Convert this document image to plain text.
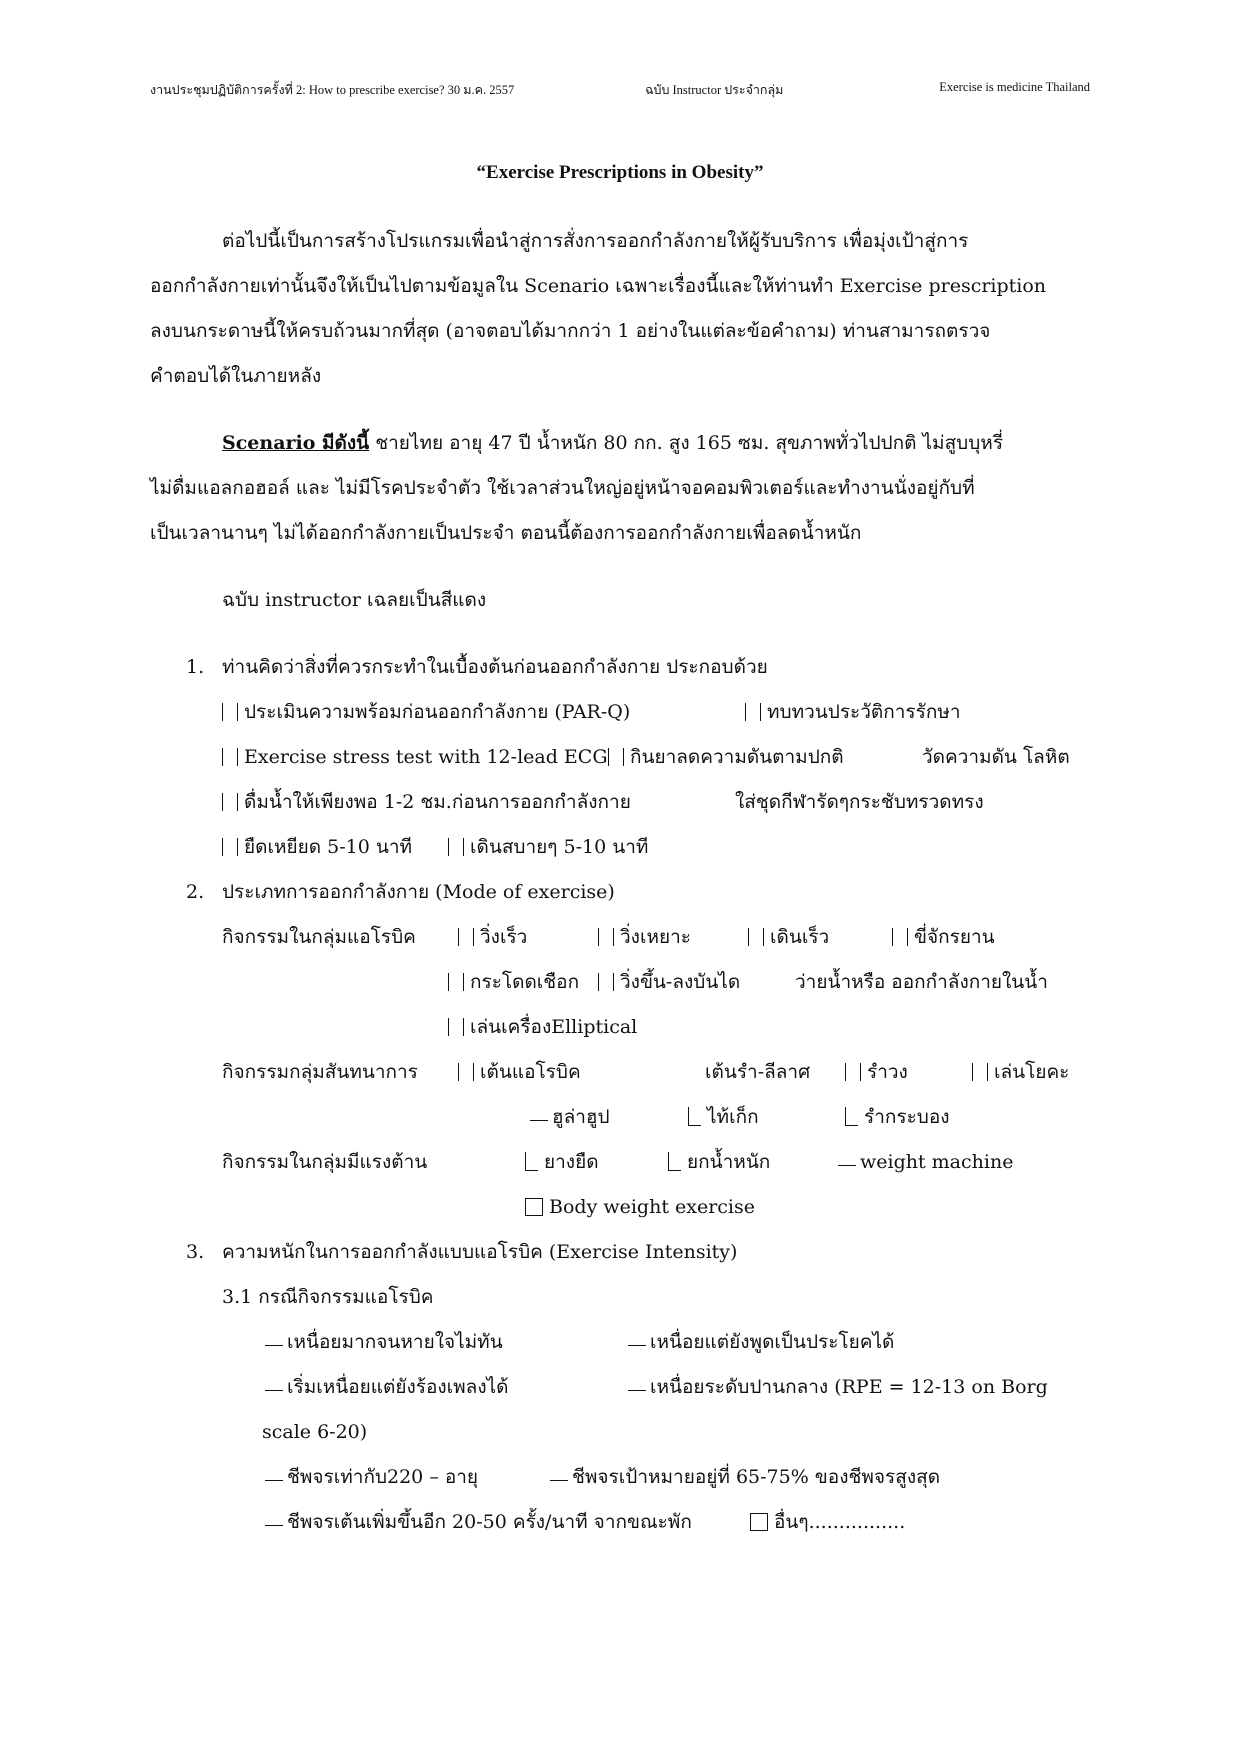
งานประชุมปฏิบัติการครั้งที่ 2: How to prescribe exercise? 30 ม.ค. 2557	ฉบับ Instructor ประจำกลุ่ม	Exercise is medicine Thailand
“Exercise Prescriptions in Obesity”
ต่อไปนี้เป็นการสร้างโปรแกรมเพื่อนำสู่การสั่งการออกกำลังกายให้ผู้รับบริการ เพื่อมุ่งเป้าสู่การ
ออกกำลังกายเท่านั้นจึงให้เป็นไปตามข้อมูลใน Scenario เฉพาะเรื่องนี้และให้ท่านทำ Exercise prescription
ลงบนกระดาษนี้ให้ครบถ้วนมากที่สุด (อาจตอบได้มากกว่า 1 อย่างในแต่ละข้อคำถาม) ท่านสามารถตรวจ
คำตอบได้ในภายหลัง
Scenario มีดังนี้ ชายไทย อายุ 47 ปี น้ำหนัก 80 กก. สูง 165 ซม. สุขภาพทั่วไปปกติ ไม่สูบบุหรี่
ไม่ดื่มแอลกอฮอล์ และ ไม่มีโรคประจำตัว ใช้เวลาส่วนใหญ่อยู่หน้าจอคอมพิวเตอร์และทำงานนั่งอยู่กับที่
เป็นเวลานานๆ ไม่ได้ออกกำลังกายเป็นประจำ ตอนนี้ต้องการออกกำลังกายเพื่อลดน้ำหนัก
ฉบับ instructor เฉลยเป็นสีแดง
1. ท่านคิดว่าสิ่งที่ควรกระทำในเบื้องต้นก่อนออกกำลังกาย ประกอบด้วย
ประเมินความพร้อมก่อนออกกำลังกาย (PAR-Q)	ทบทวนประวัติการรักษา
Exercise stress test with 12-lead ECG	กินยาลดความดันตามปกติ	วัดความดัน โลหิต
ดื่มน้ำให้เพียงพอ 1-2 ชม.ก่อนการออกกำลังกาย	ใส่ชุดกีฬารัดๆกระชับทรวดทรง
ยืดเหยียด 5-10 นาที	เดินสบายๆ 5-10 นาที
2. ประเภทการออกกำลังกาย (Mode of exercise)
กิจกรรมในกลุ่มแอโรบิค	วิ่งเร็ว	วิ่งเหยาะ	เดินเร็ว	ขี่จักรยาน
กระโดดเชือก	วิ่งขึ้น-ลงบันได	ว่ายน้ำหรือ ออกกำลังกายในน้ำ
เล่นเครื่องElliptical
กิจกรรมกลุ่มสันทนาการ	เต้นแอโรบิค	เต้นรำ-ลีลาศ	รำวง	เล่นโยคะ
ฮูล่าฮูป	ไท้เก็ก	รำกระบอง
กิจกรรมในกลุ่มมีแรงต้าน	ยางยืด	ยกน้ำหนัก	weight machine
Body weight exercise
3. ความหนักในการออกกำลังแบบแอโรบิค (Exercise Intensity)
3.1 กรณีกิจกรรมแอโรบิค
เหนื่อยมากจนหายใจไม่ทัน	เหนื่อยแต่ยังพูดเป็นประโยคได้
เริ่มเหนื่อยแต่ยังร้องเพลงได้	เหนื่อยระดับปานกลาง (RPE = 12-13 on Borg
scale 6-20)
ชีพจรเท่ากับ220 – อายุ	ชีพจรเป้าหมายอยู่ที่ 65-75% ของชีพจรสูงสุด
ชีพจรเต้นเพิ่มขึ้นอีก 20-50 ครั้ง/นาที จากขณะพัก	อื่นๆ................
